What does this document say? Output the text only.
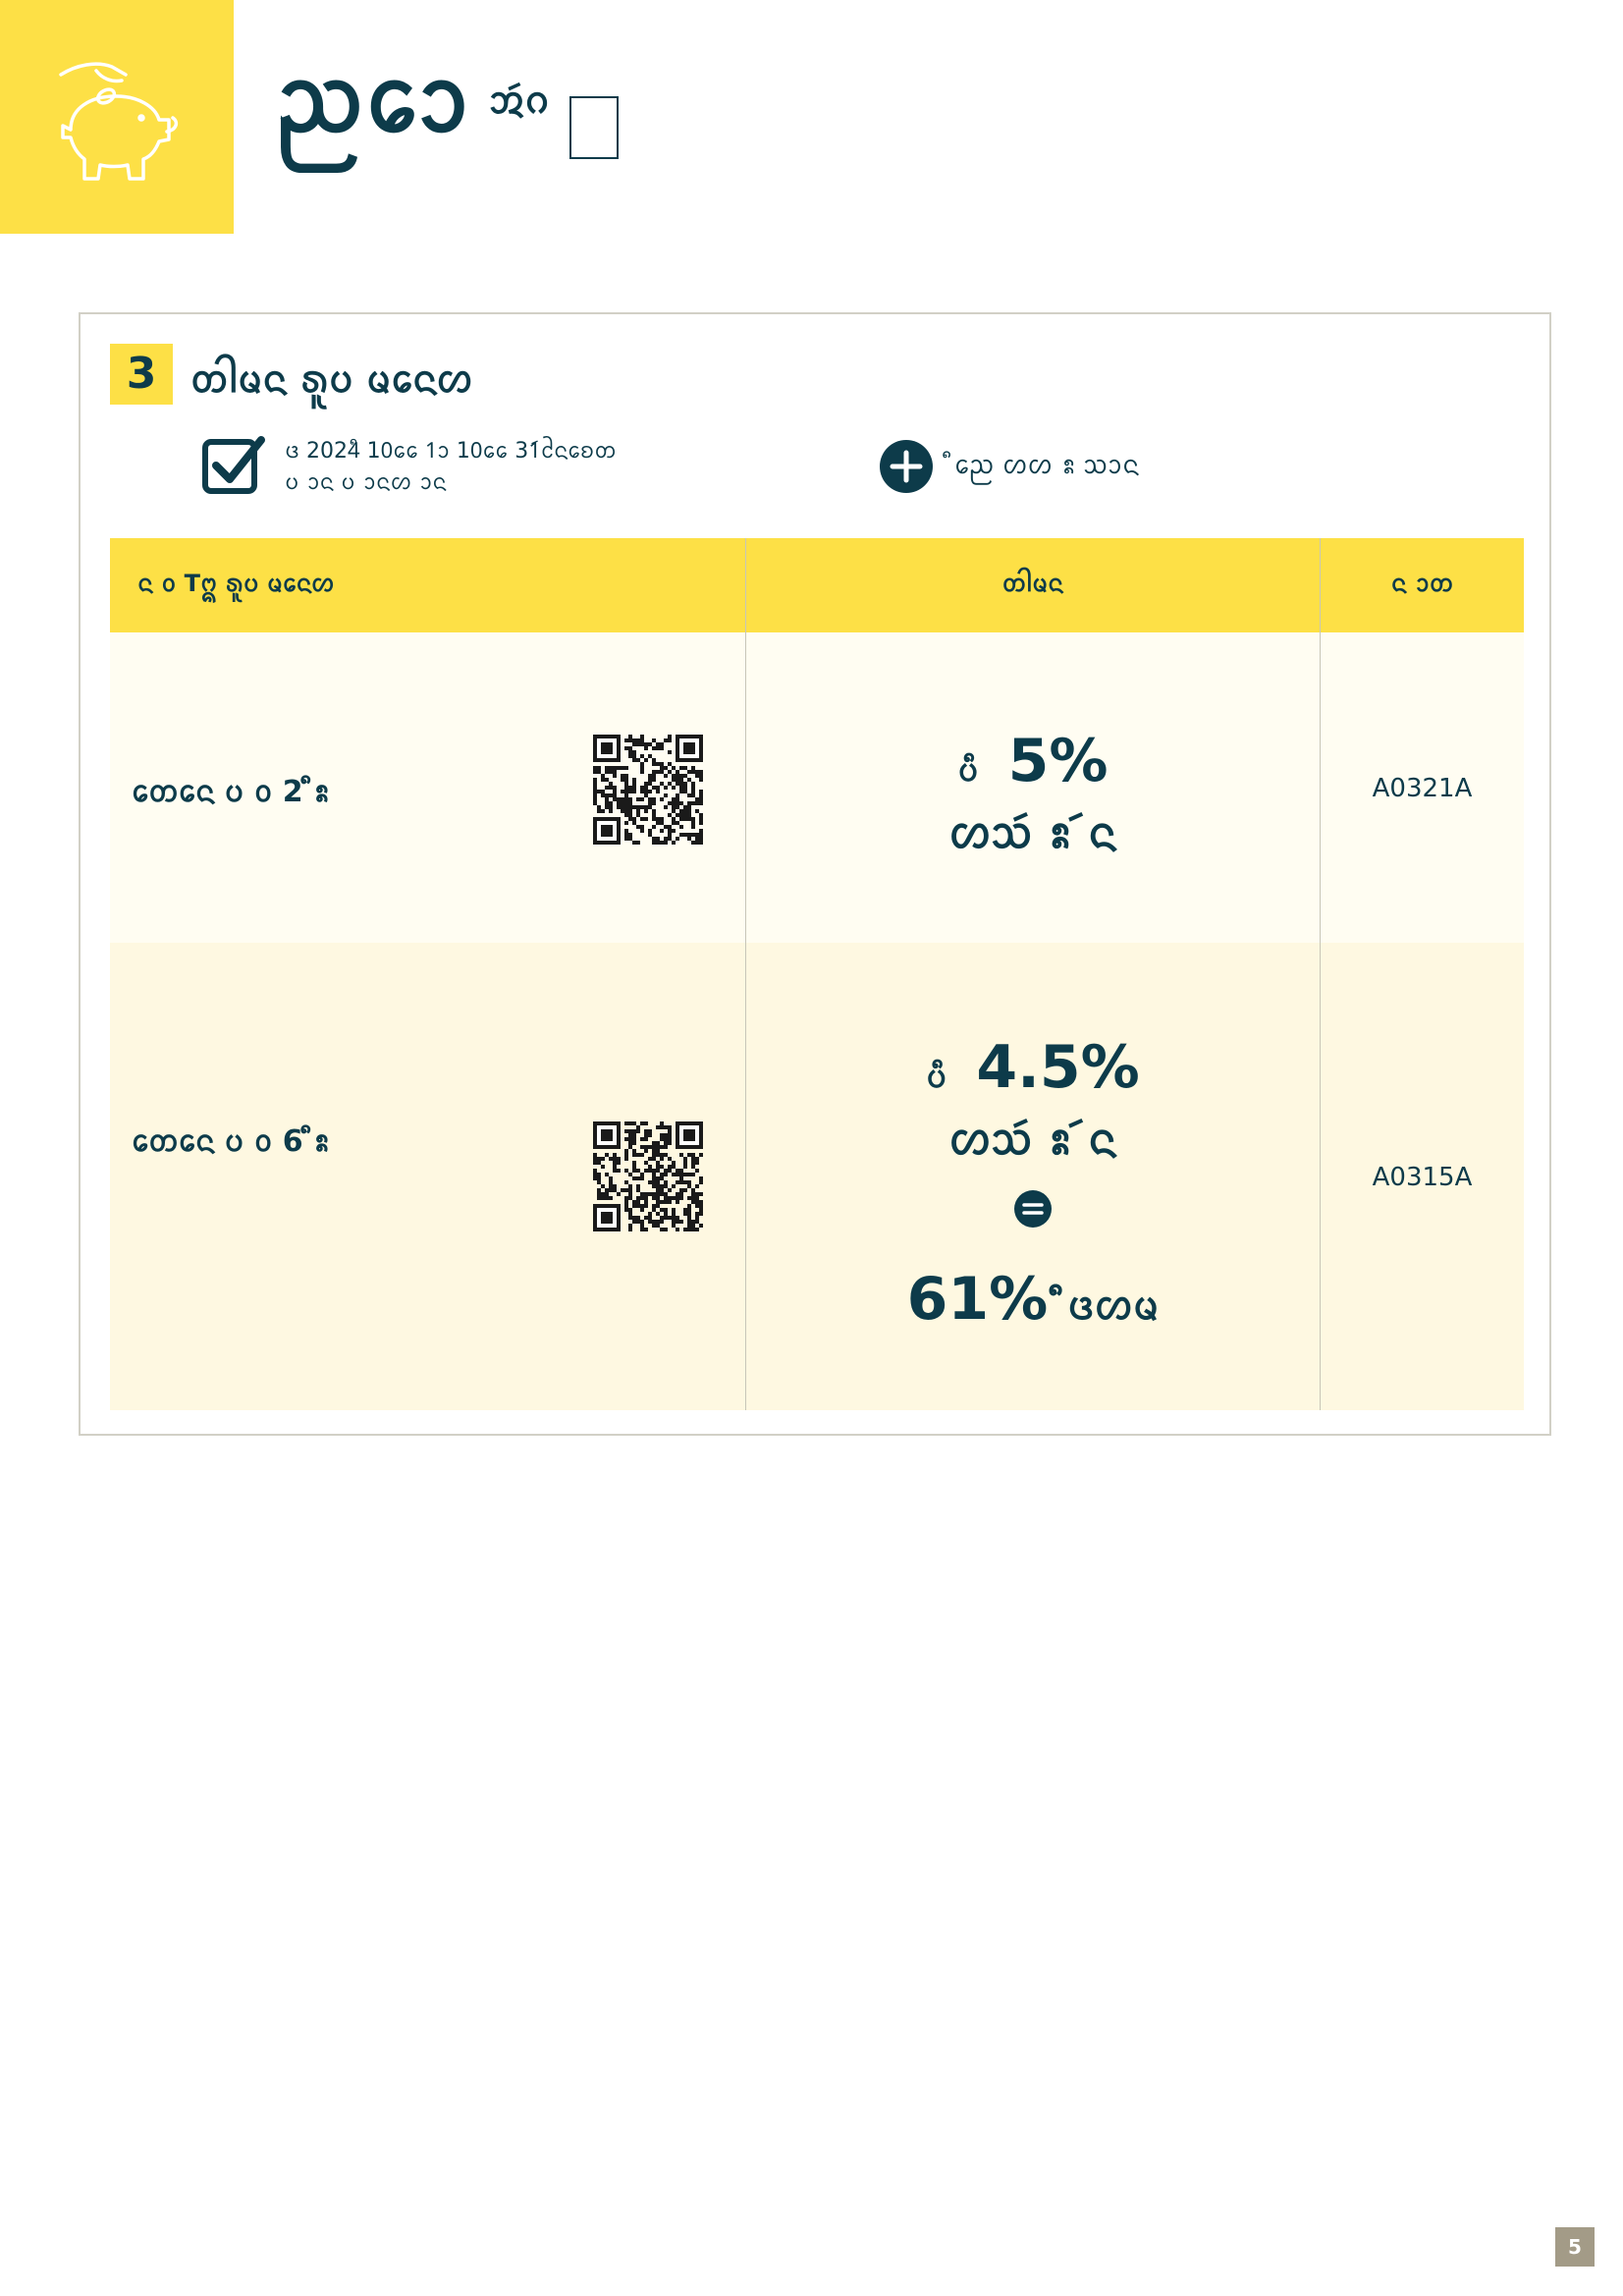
ᨬᩮᩣ ᩋᩢᨣ
3 ᨲᩤᨾᨶ ᩁᩪᨷ ᨾᨶᩮᩉ
ᨴ 2024ᩥ 10ᩯ 1ᩣ 10ᩯ 31ᩢᨶᩲᨧᩮᨲ
ᨷ ᩣᨶ ᨷ ᩣᨶᩉ ᩣᨶ
ᩥᨬᩮ ᩉᩉ ᩡ ᩈᩣᨶ
ᨶ ᩅ Tᩍ ᩁᩪᨷ ᨾᨶᩮᩉ	ᨲᩤᨾᨶ	ᨶ ᩣᨲ
ᨲᩮᨶᩮ ᨷ ᩅ 2 ᩥᩡ
ᨷᩥ 5%
ᩉᩈᩢ ᩡ ᩢᨶ
A0321A
ᨲᩮᨶᩮ ᨷ ᩅ 6 ᩥᩡ
ᨷᩥ 4.5%
ᩉᩈᩢ ᩡ ᩢᨶ
61% ᩥᩥᨴᩉᨾ
A0315A
5
